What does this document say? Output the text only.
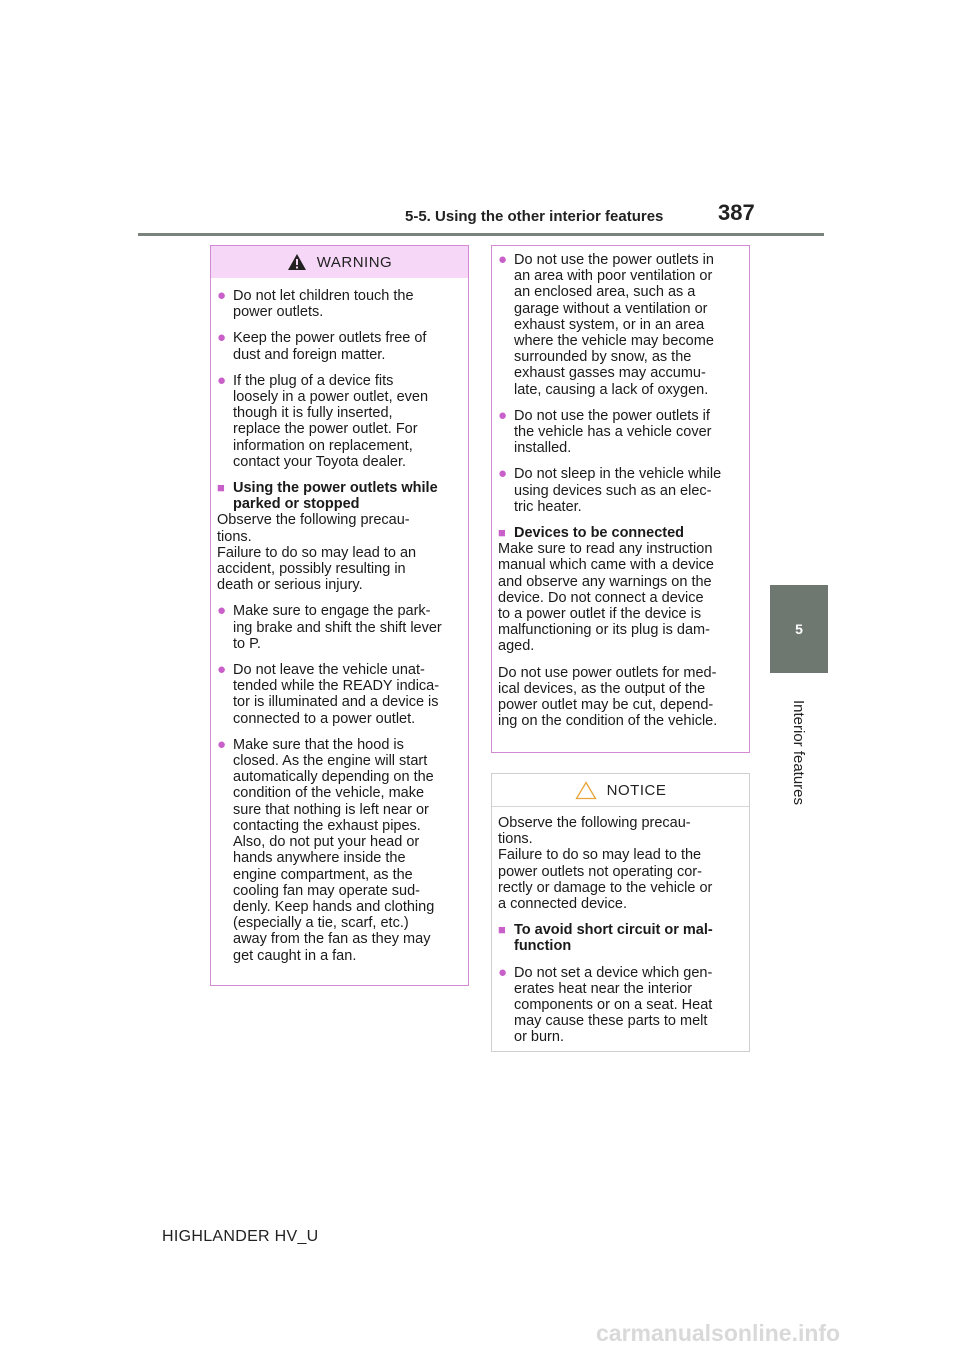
5-5. Using the other interior features 387
5
Interior features
WARNING
● Do not let children touch the
power outlets.
● Keep the power outlets free of
dust and foreign matter.
● If the plug of a device fits
loosely in a power outlet, even
though it is fully inserted,
replace the power outlet. For
information on replacement,
contact your Toyota dealer.
■ Using the power outlets while
parked or stopped
Observe the following precau-
tions.
Failure to do so may lead to an
accident, possibly resulting in
death or serious injury.
● Make sure to engage the park-
ing brake and shift the shift lever
to P.
● Do not leave the vehicle unat-
tended while the READY indica-
tor is illuminated and a device is
connected to a power outlet.
● Make sure that the hood is
closed. As the engine will start
automatically depending on the
condition of the vehicle, make
sure that nothing is left near or
contacting the exhaust pipes.
Also, do not put your head or
hands anywhere inside the
engine compartment, as the
cooling fan may operate sud-
denly. Keep hands and clothing
(especially a tie, scarf, etc.)
away from the fan as they may
get caught in a fan.
● Do not use the power outlets in
an area with poor ventilation or
an enclosed area, such as a
garage without a ventilation or
exhaust system, or in an area
where the vehicle may become
surrounded by snow, as the
exhaust gasses may accumu-
late, causing a lack of oxygen.
● Do not use the power outlets if
the vehicle has a vehicle cover
installed.
● Do not sleep in the vehicle while
using devices such as an elec-
tric heater.
■ Devices to be connected
Make sure to read any instruction
manual which came with a device
and observe any warnings on the
device. Do not connect a device
to a power outlet if the device is
malfunctioning or its plug is dam-
aged.
Do not use power outlets for med-
ical devices, as the output of the
power outlet may be cut, depend-
ing on the condition of the vehicle.
NOTICE
Observe the following precau-
tions.
Failure to do so may lead to the
power outlets not operating cor-
rectly or damage to the vehicle or
a connected device.
■ To avoid short circuit or mal-
function
● Do not set a device which gen-
erates heat near the interior
components or on a seat. Heat
may cause these parts to melt
or burn.
HIGHLANDER HV_U
carmanualsonline.info
